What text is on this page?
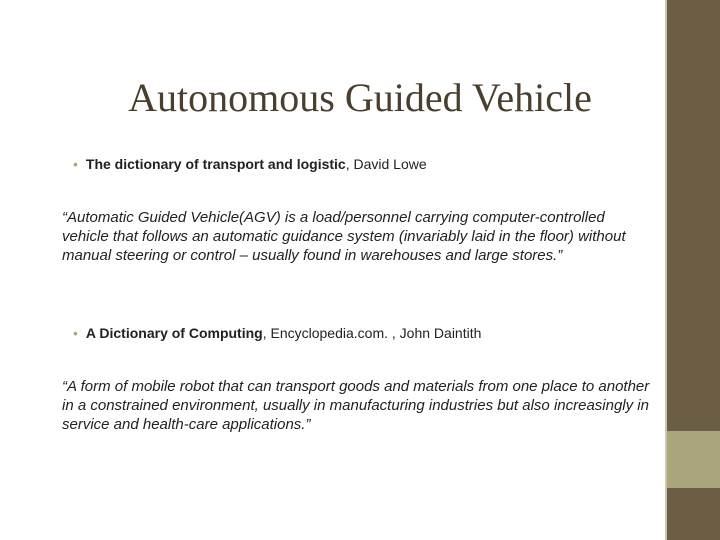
Autonomous Guided Vehicle
• The dictionary of transport and logistic, David Lowe
“Automatic Guided Vehicle(AGV) is a load/personnel carrying computer-controlled vehicle that follows an automatic guidance system (invariably laid in the floor) without manual steering or control – usually found in warehouses and large stores.”
• A Dictionary of Computing, Encyclopedia.com. , John Daintith
“A form of mobile robot that can transport goods and materials from one place to another in a constrained environment, usually in manufacturing industries but also increasingly in service and health-care applications.”
